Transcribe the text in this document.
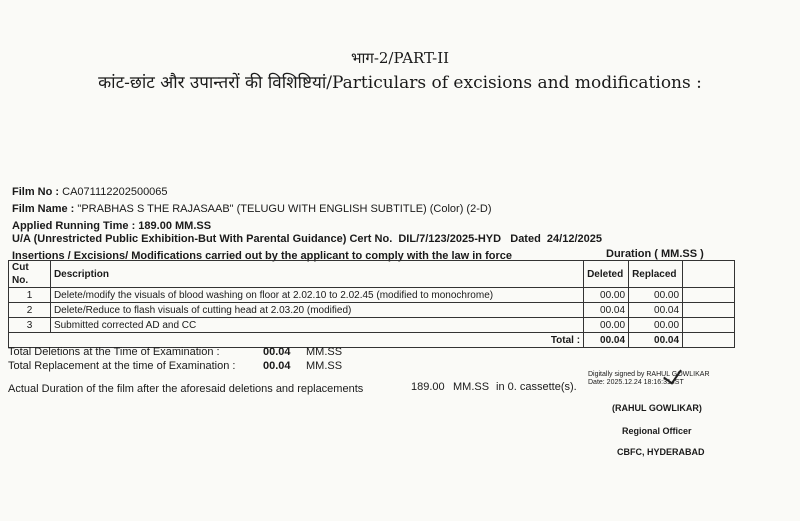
भाग-2/PART-II
कांट-छांट और उपान्तरों की विशिष्टियां/Particulars of excisions and modifications :
Film No : CA071112202500065
Film Name : "PRABHAS S THE RAJASAAB" (TELUGU WITH ENGLISH SUBTITLE) (Color) (2-D)
Applied Running Time : 189.00 MM.SS
U/A (Unrestricted Public Exhibition-But With Parental Guidance) Cert No.  DIL/7/123/2025-HYD   Dated  24/12/2025
Insertions / Excisions/ Modifications carried out by the applicant to comply with the law in force	Duration ( MM.SS )
Cut No.	Description	Deleted	Replaced	
1	Delete/modify the visuals of blood washing on floor at 2.02.10 to 2.02.45 (modified to monochrome)	00.00	00.00	
2	Delete/Reduce to flash visuals of cutting head at 2.03.20 (modified)	00.04	00.04	
3	Submitted corrected AD and CC	00.00	00.00	
Total :		00.04	00.04	
Total Deletions at the Time of Examination :	00.04 MM.SS
Total Replacement at the time of Examination :	00.04 MM.SS
Actual Duration of the film after the aforesaid deletions and replacements	189.00 MM.SS in 0. cassette(s).
Digitally signed by RAHUL GOWLIKAR
Date: 2025.12.24 18:16:31 IST
(RAHUL GOWLIKAR)
Regional Officer
CBFC, HYDERABAD
